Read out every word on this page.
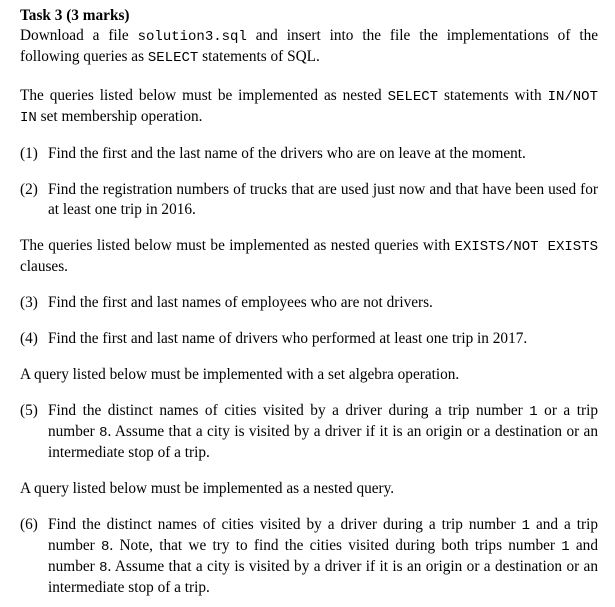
Task 3 (3 marks)

Download a file solution3.sql and insert into the file the implementations of the following queries as SELECT statements of SQL.

The queries listed below must be implemented as nested SELECT statements with IN/NOT IN set membership operation.

(1) Find the first and the last name of the drivers who are on leave at the moment.
(2) Find the registration numbers of trucks that are used just now and that have been used for at least one trip in 2016.

The queries listed below must be implemented as nested queries with EXISTS/NOT EXISTS clauses.

(3) Find the first and last names of employees who are not drivers.
(4) Find the first and last name of drivers who performed at least one trip in 2017.

A query listed below must be implemented with a set algebra operation.

(5) Find the distinct names of cities visited by a driver during a trip number 1 or a trip number 8. Assume that a city is visited by a driver if it is an origin or a destination or an intermediate stop of a trip.

A query listed below must be implemented as a nested query.

(6) Find the distinct names of cities visited by a driver during a trip number 1 and a trip number 8. Note, that we try to find the cities visited during both trips number 1 and number 8. Assume that a city is visited by a driver if it is an origin or a destination or an intermediate stop of a trip.
